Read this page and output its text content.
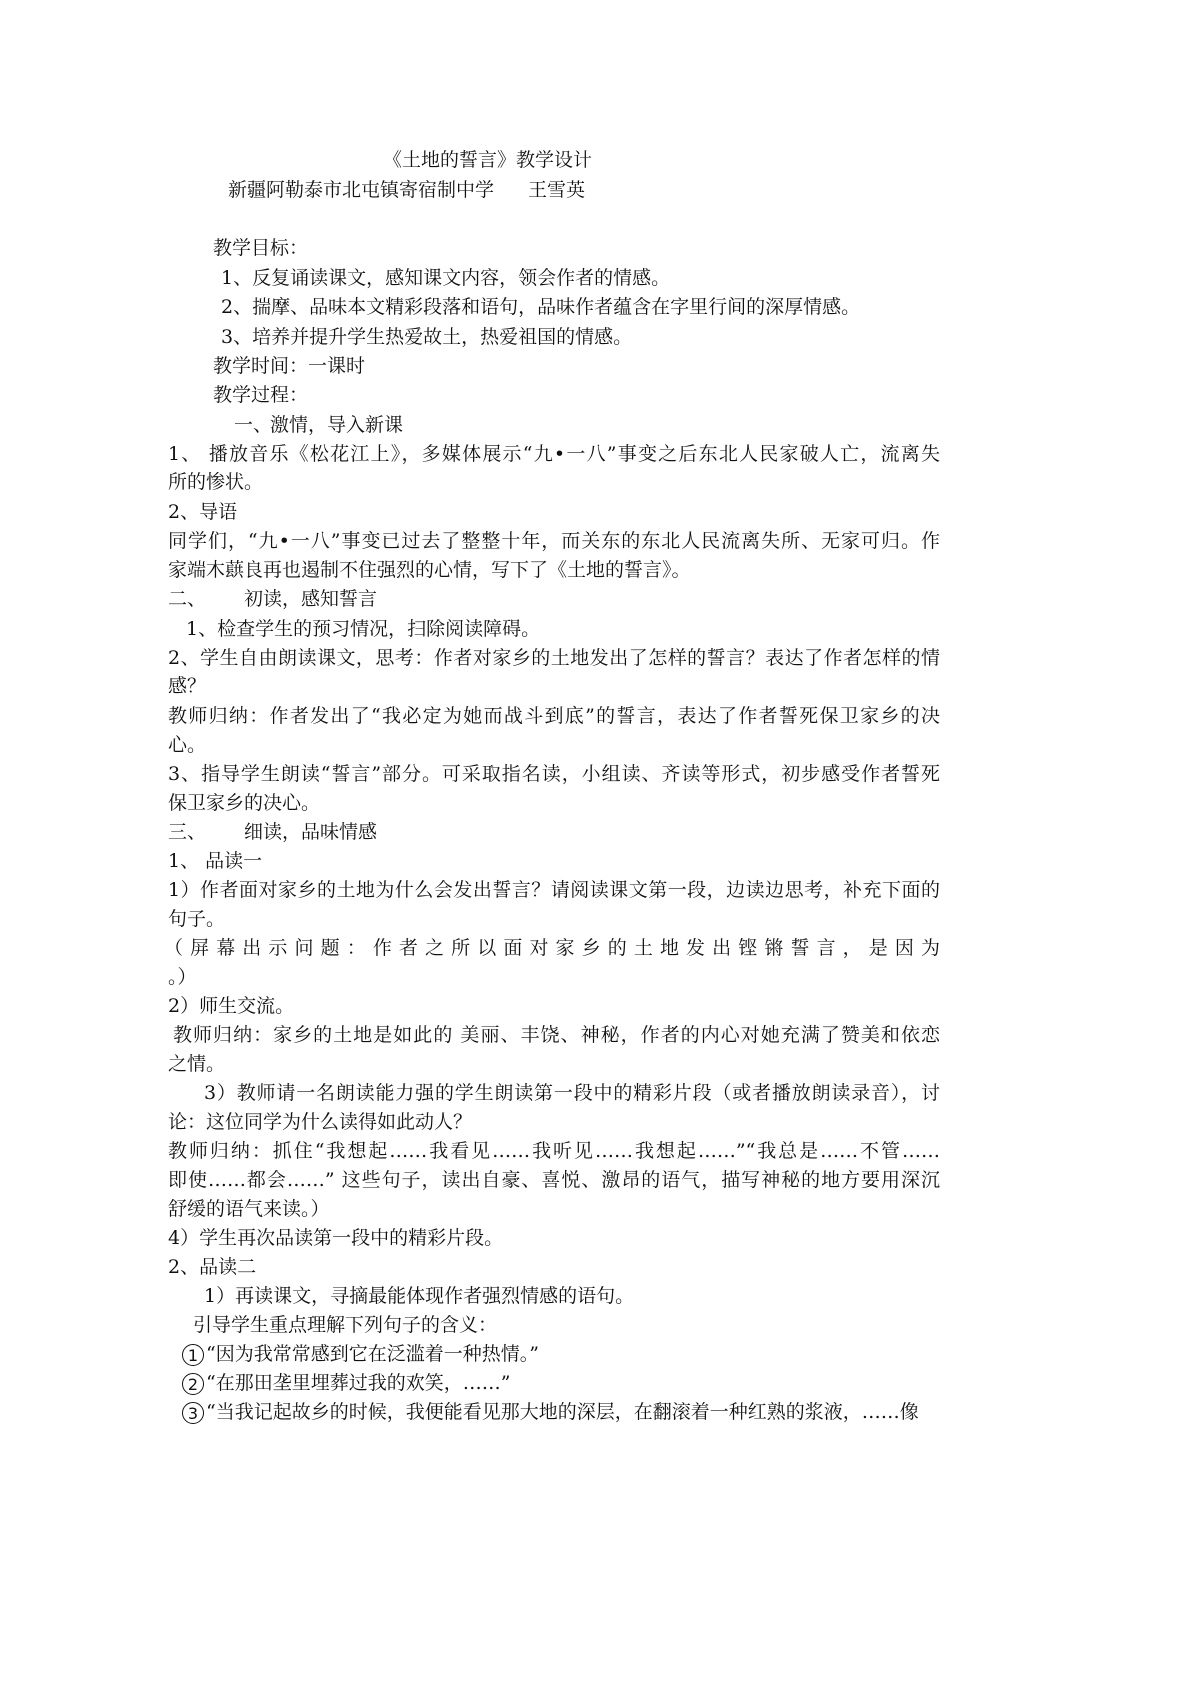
《土地的誓言》教学设计
新疆阿勒泰市北屯镇寄宿制中学 王雪英
教学目标：
1、反复诵读课文，感知课文内容，领会作者的情感。
2、揣摩、品味本文精彩段落和语句，品味作者蕴含在字里行间的深厚情感。
3、培养并提升学生热爱故土，热爱祖国的情感。
教学时间：一课时
教学过程：
一、
激情，导入新课
1、 播放音乐《松花江上》，多媒体展示“九•一八”事变之后东北人民家破人亡，流离失
所的惨状。
2、导语
同学们，“九•一八”事变已过去了整整十年，而关东的东北人民流离失所、无家可归。作
家端木蕻良再也遏制不住强烈的心情，写下了《土地的誓言》。
二、 初读，感知誓言
1、检查学生的预习情况，扫除阅读障碍。
2、学生自由朗读课文，思考：作者对家乡的土地发出了怎样的誓言？表达了作者怎样的情
感？
教师归纳：作者发出了“我必定为她而战斗到底”的誓言，表达了作者誓死保卫家乡的决
心。
3、指导学生朗读“誓言”部分。可采取指名读，小组读、齐读等形式，初步感受作者誓死
保卫家乡的决心。
三、 细读，品味情感
1、 品读一
1）作者面对家乡的土地为什么会发出誓言？请阅读课文第一段，边读边思考，补充下面的
句子。
（屏幕出示问题：作者之所以面对家乡的土地发出铿锵誓言，是因为
。）
2）师生交流。
教师归纳：家乡的土地是如此的 美丽、丰饶、神秘，作者的内心对她充满了赞美和依恋
之情。
3）教师请一名朗读能力强的学生朗读第一段中的精彩片段（或者播放朗读录音），讨
论：这位同学为什么读得如此动人？
教师归纳：抓住“我想起……我看见……我听见……我想起……”“我总是……不管……
即使……都会……” 这些句子，读出自豪、喜悦、激昂的语气，描写神秘的地方要用深沉
舒缓的语气来读。）
4）学生再次品读第一段中的精彩片段。
2、品读二
1）再读课文，寻摘最能体现作者强烈情感的语句。
引导学生重点理解下列句子的含义：
1 “因为我常常感到它在泛滥着一种热情。”
2 “在那田垄里埋葬过我的欢笑，……”
3 “当我记起故乡的时候，我便能看见那大地的深层，在翻滚着一种红熟的浆液，……像
